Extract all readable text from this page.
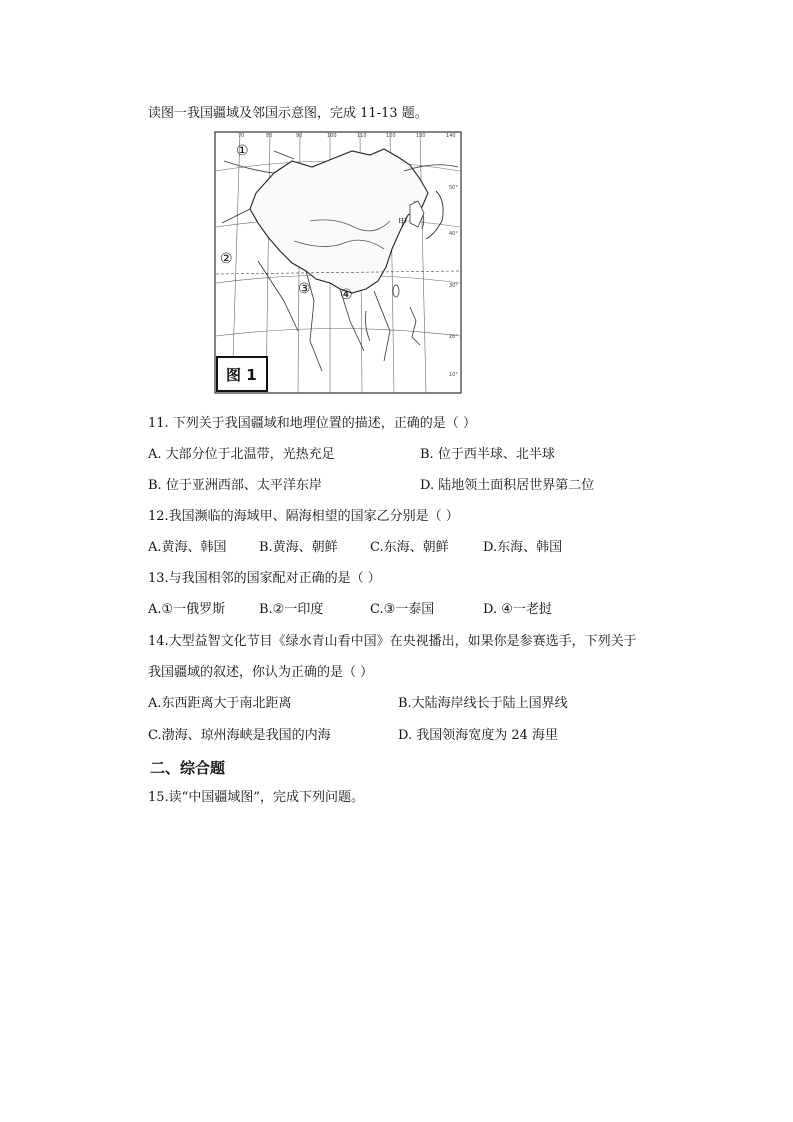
读图一我国疆域及邻国示意图，完成 11-13 题。
70	80	90	100	110	120	130	140
50°
40°
30°
20°
10°
①
②
③ ④
甲
图 1
11. 下列关于我国疆域和地理位置的描述，正确的是（ ）
A. 大部分位于北温带，光热充足	B. 位于西半球、北半球
B. 位于亚洲西部、太平洋东岸	D. 陆地领土面积居世界第二位
12.我国濒临的海域甲、隔海相望的国家乙分别是（ ）
A.黄海、韩国 B.黄海、朝鲜 C.东海、朝鲜	D.东海、韩国
13.与我国相邻的国家配对正确的是（ ）
A.①一俄罗斯	B.②一印度	C.③一泰国	D. ④一老挝
14.大型益智文化节目《绿水青山看中国》在央视播出，如果你是参赛选手，下列关于
我国疆域的叙述，你认为正确的是（ ）
A.东西距离大于南北距离	B.大陆海岸线长于陆上国界线
C.渤海、琼州海峡是我国的内海	D. 我国领海宽度为 24 海里
二、综合题
15.读“中国疆域图”，完成下列问题。
